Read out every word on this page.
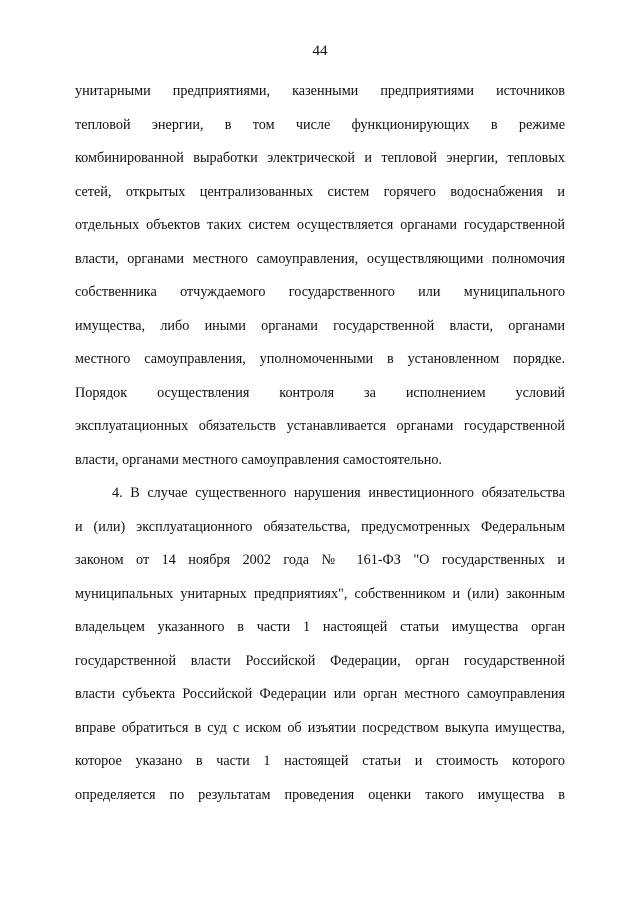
44
унитарными предприятиями, казенными предприятиями источников
тепловой энергии, в том числе функционирующих в режиме
комбинированной выработки электрической и тепловой энергии, тепловых
сетей, открытых централизованных систем горячего водоснабжения и
отдельных объектов таких систем осуществляется органами государственной
власти, органами местного самоуправления, осуществляющими полномочия
собственника отчуждаемого государственного или муниципального
имущества, либо иными органами государственной власти, органами
местного самоуправления, уполномоченными в установленном порядке.
Порядок осуществления контроля за исполнением условий
эксплуатационных обязательств устанавливается органами государственной
власти, органами местного самоуправления самостоятельно.
4. В случае существенного нарушения инвестиционного обязательства
и (или) эксплуатационного обязательства, предусмотренных Федеральным
законом от 14 ноября 2002 года № 161-ФЗ "О государственных и
муниципальных унитарных предприятиях", собственником и (или) законным
владельцем указанного в части 1 настоящей статьи имущества орган
государственной власти Российской Федерации, орган государственной
власти субъекта Российской Федерации или орган местного самоуправления
вправе обратиться в суд с иском об изъятии посредством выкупа имущества,
которое указано в части 1 настоящей статьи и стоимость которого
определяется по результатам проведения оценки такого имущества в
